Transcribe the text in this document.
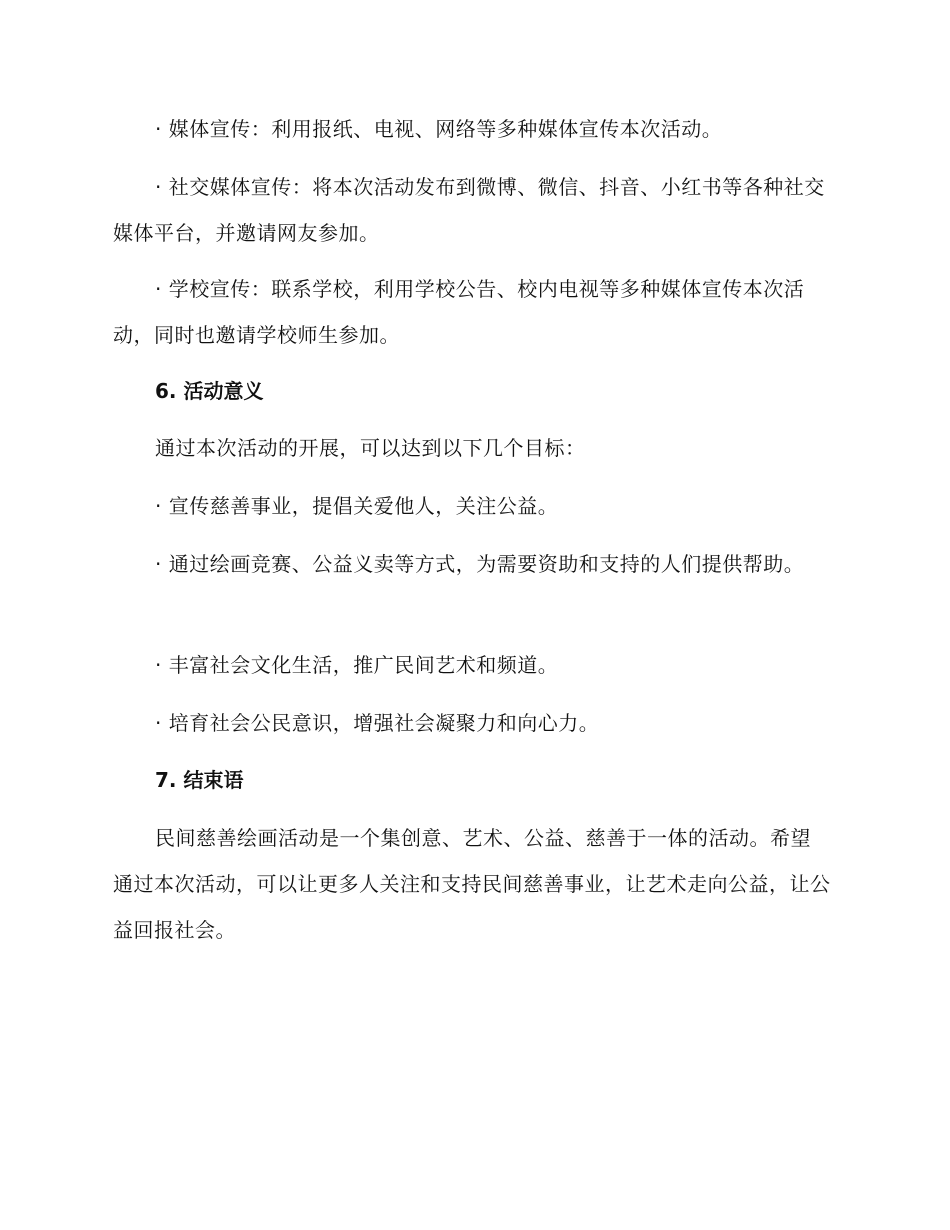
· 媒体宣传：利用报纸、电视、网络等多种媒体宣传本次活动。

· 社交媒体宣传：将本次活动发布到微博、微信、抖音、小红书等各种社交媒体平台，并邀请网友参加。

· 学校宣传：联系学校，利用学校公告、校内电视等多种媒体宣传本次活动，同时也邀请学校师生参加。

6. 活动意义

通过本次活动的开展，可以达到以下几个目标：

· 宣传慈善事业，提倡关爱他人，关注公益。

· 通过绘画竞赛、公益义卖等方式，为需要资助和支持的人们提供帮助。

· 丰富社会文化生活，推广民间艺术和频道。

· 培育社会公民意识，增强社会凝聚力和向心力。

7. 结束语

民间慈善绘画活动是一个集创意、艺术、公益、慈善于一体的活动。希望通过本次活动，可以让更多人关注和支持民间慈善事业，让艺术走向公益，让公益回报社会。
